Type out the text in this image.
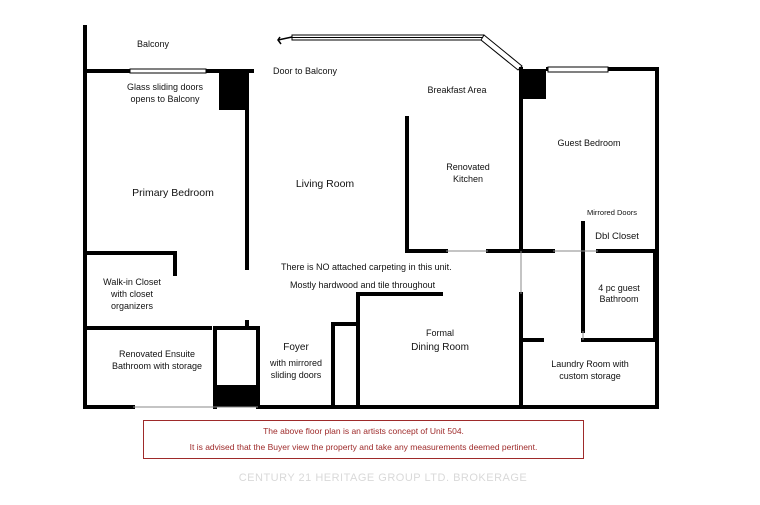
Balcony
Glass sliding doors
opens to Balcony
Door to Balcony
Breakfast Area
Primary Bedroom
Living Room
Renovated
Kitchen
Guest Bedroom
Mirrored Doors
Dbl Closet
Walk-in Closet
with closet
organizers
4 pc guest
Bathroom
Renovated Ensuite
Bathroom with storage
Foyer
with mirrored
sliding doors
Formal
Dining Room
Laundry Room with
custom storage
There is NO attached carpeting in this unit.
Mostly hardwood and tile throughout
The above floor plan is an artists concept of Unit 504.
It is advised that the Buyer view the property and take any measurements deemed pertinent.
CENTURY 21 HERITAGE GROUP LTD. BROKERAGE
